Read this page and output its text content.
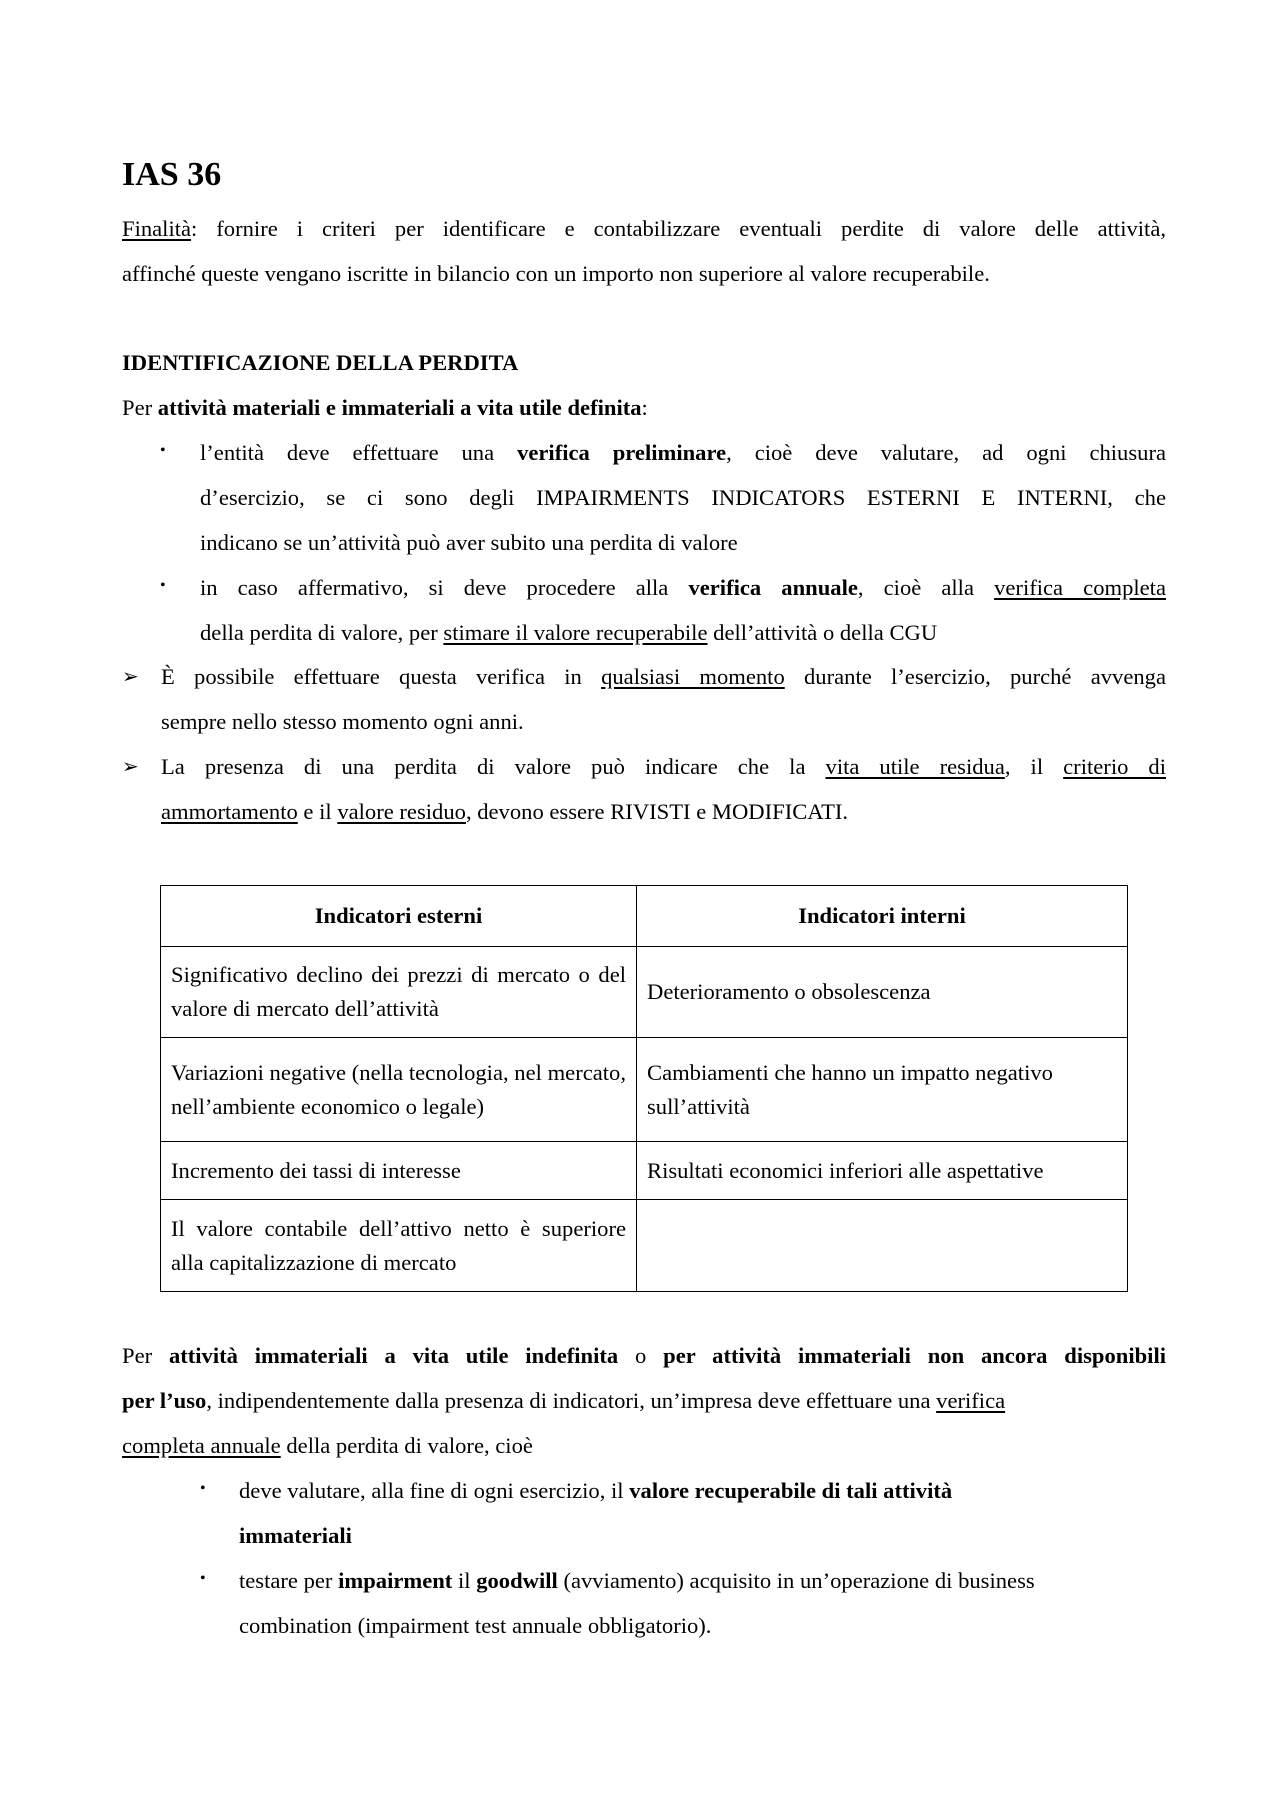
IAS 36
Finalità: fornire i criteri per identificare e contabilizzare eventuali perdite di valore delle attività,
affinché queste vengano iscritte in bilancio con un importo non superiore al valore recuperabile.
IDENTIFICAZIONE DELLA PERDITA
Per attività materiali e immateriali a vita utile definita:
• l’entità deve effettuare una verifica preliminare, cioè deve valutare, ad ogni chiusura
d’esercizio, se ci sono degli IMPAIRMENTS INDICATORS ESTERNI E INTERNI, che
indicano se un’attività può aver subito una perdita di valore
• in caso affermativo, si deve procedere alla verifica annuale, cioè alla verifica completa
della perdita di valore, per stimare il valore recuperabile dell’attività o della CGU
➢ È possibile effettuare questa verifica in qualsiasi momento durante l’esercizio, purché avvenga
sempre nello stesso momento ogni anni.
➢ La presenza di una perdita di valore può indicare che la vita utile residua, il criterio di
ammortamento e il valore residuo, devono essere RIVISTI e MODIFICATI.
Indicatori esterni	Indicatori interni
Significativo declino dei prezzi di mercato o del valore di mercato dell’attività	Deterioramento o obsolescenza
Variazioni negative (nella tecnologia, nel mercato, nell’ambiente economico o legale)	Cambiamenti che hanno un impatto negativo sull’attività
Incremento dei tassi di interesse	Risultati economici inferiori alle aspettative
Il valore contabile dell’attivo netto è superiore alla capitalizzazione di mercato	
Per attività immateriali a vita utile indefinita o per attività immateriali non ancora disponibili
per l’uso, indipendentemente dalla presenza di indicatori, un’impresa deve effettuare una verifica
completa annuale della perdita di valore, cioè
• deve valutare, alla fine di ogni esercizio, il valore recuperabile di tali attività
immateriali
• testare per impairment il goodwill (avviamento) acquisito in un’operazione di business
combination (impairment test annuale obbligatorio).
